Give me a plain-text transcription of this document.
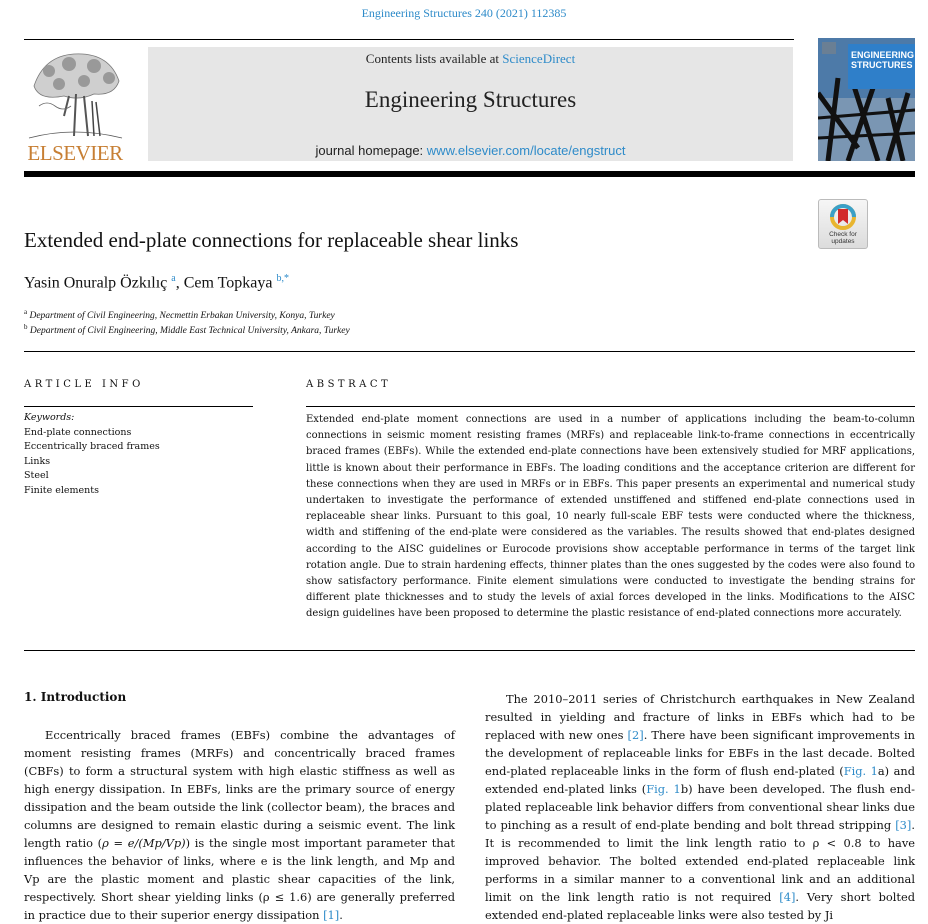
Engineering Structures 240 (2021) 112385
ELSEVIER
Contents lists available at ScienceDirect
Engineering Structures
journal homepage: www.elsevier.com/locate/engstruct
ENGINEERING
STRUCTURES
Check for
updates
Extended end-plate connections for replaceable shear links
Yasin Onuralp Özkılıç $^a$, Cem Topkaya $^{b,*}$
$^a$ Department of Civil Engineering, Necmettin Erbakan University, Konya, Turkey
$^b$ Department of Civil Engineering, Middle East Technical University, Ankara, Turkey
ARTICLE INFO	ABSTRACT
Keywords:
End-plate connections
Eccentrically braced frames
Links
Steel
Finite elements
Extended end-plate moment connections are used in a number of applications including the beam-to-column connections in seismic moment resisting frames (MRFs) and replaceable link-to-frame connections in eccentrically braced frames (EBFs). While the extended end-plate connections have been extensively studied for MRF applications, little is known about their performance in EBFs. The loading conditions and the acceptance criterion are different for these connections when they are used in MRFs or in EBFs. This paper presents an experimental and numerical study undertaken to investigate the performance of extended unstiffened and stiffened end-plate connections used in replaceable shear links. Pursuant to this goal, 10 nearly full-scale EBF tests were conducted where the thickness, width and stiffening of the end-plate were considered as the variables. The results showed that end-plates designed according to the AISC guidelines or Eurocode provisions show acceptable performance in terms of the target link rotation angle. Due to strain hardening effects, thinner plates than the ones suggested by the codes were also found to show satisfactory performance. Finite element simulations were conducted to investigate the bending strains for different plate thicknesses and to study the levels of axial forces developed in the links. Modifications to the AISC design guidelines have been proposed to determine the plastic resistance of end-plated connections more accurately.
1. Introduction

Eccentrically braced frames (EBFs) combine the advantages of moment resisting frames (MRFs) and concentrically braced frames (CBFs) to form a structural system with high elastic stiffness as well as high energy dissipation. In EBFs, links are the primary source of energy dissipation and the beam outside the link (collector beam), the braces and columns are designed to remain elastic during a seismic event. The link length ratio (ρ = e/(Mp/Vp)) is the single most important parameter that influences the behavior of links, where e is the link length, and Mp and Vp are the plastic moment and plastic shear capacities of the link, respectively. Short shear yielding links (ρ ≤ 1.6) are generally preferred in practice due to their superior energy dissipation [1].

The 2010–2011 series of Christchurch earthquakes in New Zealand resulted in yielding and fracture of links in EBFs which had to be replaced with new ones [2]. There have been significant improvements in the development of replaceable links for EBFs in the last decade. Bolted end-plated replaceable links in the form of flush end-plated (Fig. 1a) and extended end-plated links (Fig. 1b) have been developed. The flush end-plated replaceable link behavior differs from conventional shear links due to pinching as a result of end-plate bending and bolt thread stripping [3]. It is recommended to limit the link length ratio to ρ < 0.8 to have improved behavior. The bolted extended end-plated replaceable link performs in a similar manner to a conventional link and an additional limit on the link length ratio is not required [4]. Very short bolted extended end-plated replaceable links were also tested by Ji
